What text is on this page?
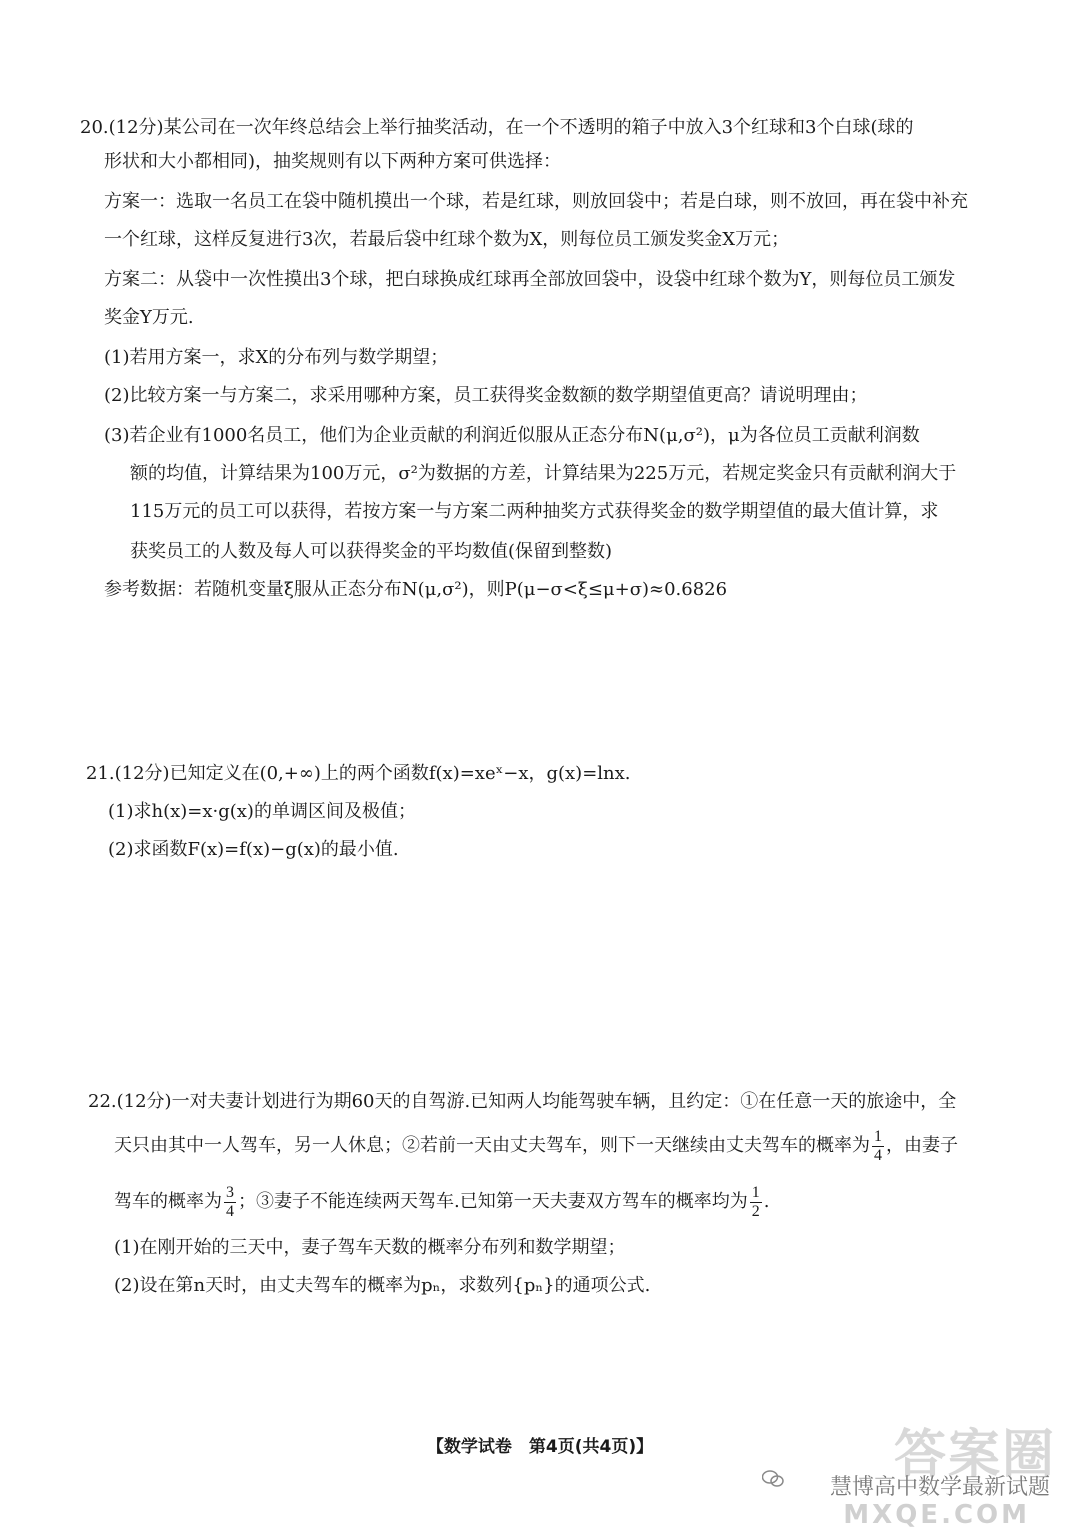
20.(12分)某公司在一次年终总结会上举行抽奖活动，在一个不透明的箱子中放入3个红球和3个白球(球的
形状和大小都相同)，抽奖规则有以下两种方案可供选择：
方案一：选取一名员工在袋中随机摸出一个球，若是红球，则放回袋中；若是白球，则不放回，再在袋中补充
一个红球，这样反复进行3次，若最后袋中红球个数为X，则每位员工颁发奖金X万元；
方案二：从袋中一次性摸出3个球，把白球换成红球再全部放回袋中，设袋中红球个数为Y，则每位员工颁发
奖金Y万元.
(1)若用方案一，求X的分布列与数学期望；
(2)比较方案一与方案二，求采用哪种方案，员工获得奖金数额的数学期望值更高？请说明理由；
(3)若企业有1000名员工，他们为企业贡献的利润近似服从正态分布N(μ,σ²)，μ为各位员工贡献利润数
额的均值，计算结果为100万元，σ²为数据的方差，计算结果为225万元，若规定奖金只有贡献利润大于
115万元的员工可以获得，若按方案一与方案二两种抽奖方式获得奖金的数学期望值的最大值计算，求
获奖员工的人数及每人可以获得奖金的平均数值(保留到整数)
参考数据：若随机变量ξ服从正态分布N(μ,σ²)，则P(μ−σ<ξ≤μ+σ)≈0.6826
21.(12分)已知定义在(0,+∞)上的两个函数f(x)=xeˣ−x，g(x)=lnx.
(1)求h(x)=x·g(x)的单调区间及极值；
(2)求函数F(x)=f(x)−g(x)的最小值.
22.(12分)一对夫妻计划进行为期60天的自驾游.已知两人均能驾驶车辆，且约定：①在任意一天的旅途中，全
天只由其中一人驾车，另一人休息；②若前一天由丈夫驾车，则下一天继续由丈夫驾车的概率为 $\frac{1}{4}$ ，由妻子
驾车的概率为 $\frac{3}{4}$ ；③妻子不能连续两天驾车.已知第一天夫妻双方驾车的概率均为 $\frac{1}{2}$ .
(1)在刚开始的三天中，妻子驾车天数的概率分布列和数学期望；
(2)设在第n天时，由丈夫驾车的概率为pₙ，求数列{pₙ}的通项公式.
【数学试卷　第4页(共4页)】	答案圈
慧博高中数学最新试题
MXQE.COM
